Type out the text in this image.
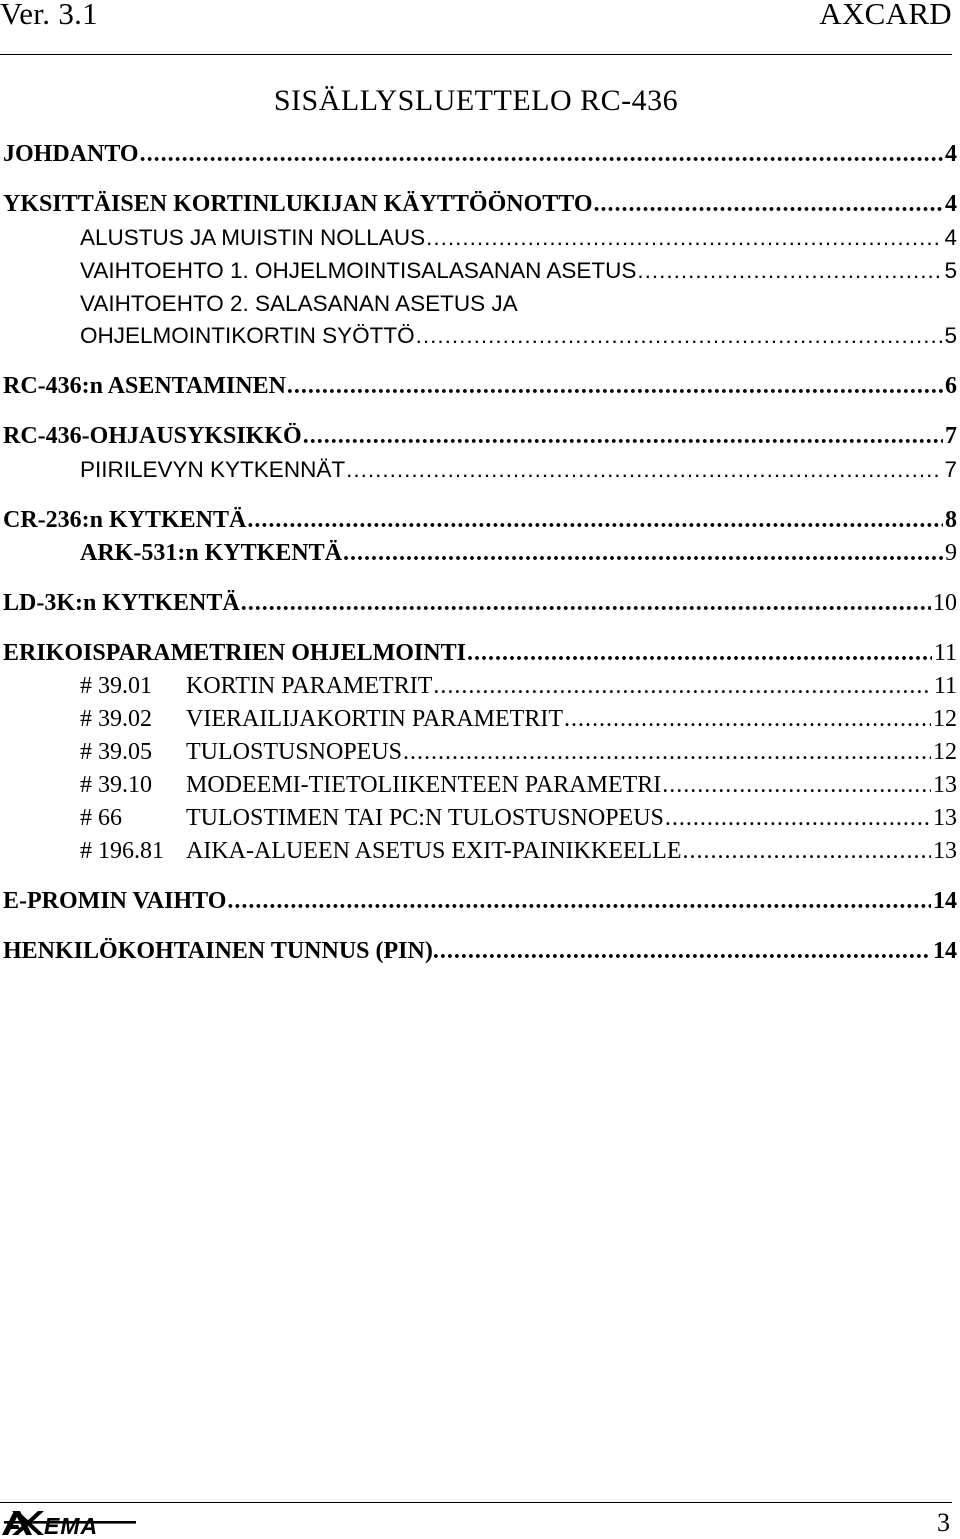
Ver. 3.1	AXCARD
SISÄLLYSLUETTELO RC-436
JOHDANTO .....	4
YKSITTÄISEN KORTINLUKIJAN KÄYTTÖÖNOTTO .....	4
ALUSTUS JA MUISTIN NOLLAUS .....	4
VAIHTOEHTO 1. OHJELMOINTISALASANAN ASETUS .....	5
VAIHTOEHTO 2. SALASANAN ASETUS JA
OHJELMOINTIKORTIN SYÖTTÖ .....	5
RC-436:n ASENTAMINEN .....	6
RC-436-OHJAUSYKSIKKÖ .....	7
PIIRILEVYN KYTKENNÄT .....	7
CR-236:n KYTKENTÄ .....	8
ARK-531:n KYTKENTÄ .....	9
LD-3K:n KYTKENTÄ .....	10
ERIKOISPARAMETRIEN OHJELMOINTI .....	11
# 39.01 KORTIN PARAMETRIT .....	11
# 39.02 VIERAILIJAKORTIN PARAMETRIT .....	12
# 39.05 TULOSTUSNOPEUS .....	12
# 39.10 MODEEMI-TIETOLIIKENTEEN PARAMETRI .....	13
# 66	TULOSTIMEN TAI PC:N TULOSTUSNOPEUS .....	13
# 196.81 AIKA-ALUEEN ASETUS EXIT-PAINIKKEELLE .....	13
E-PROMIN VAIHTO .....	14
HENKILÖKOHTAINEN TUNNUS (PIN). .....	14
EMA	3
